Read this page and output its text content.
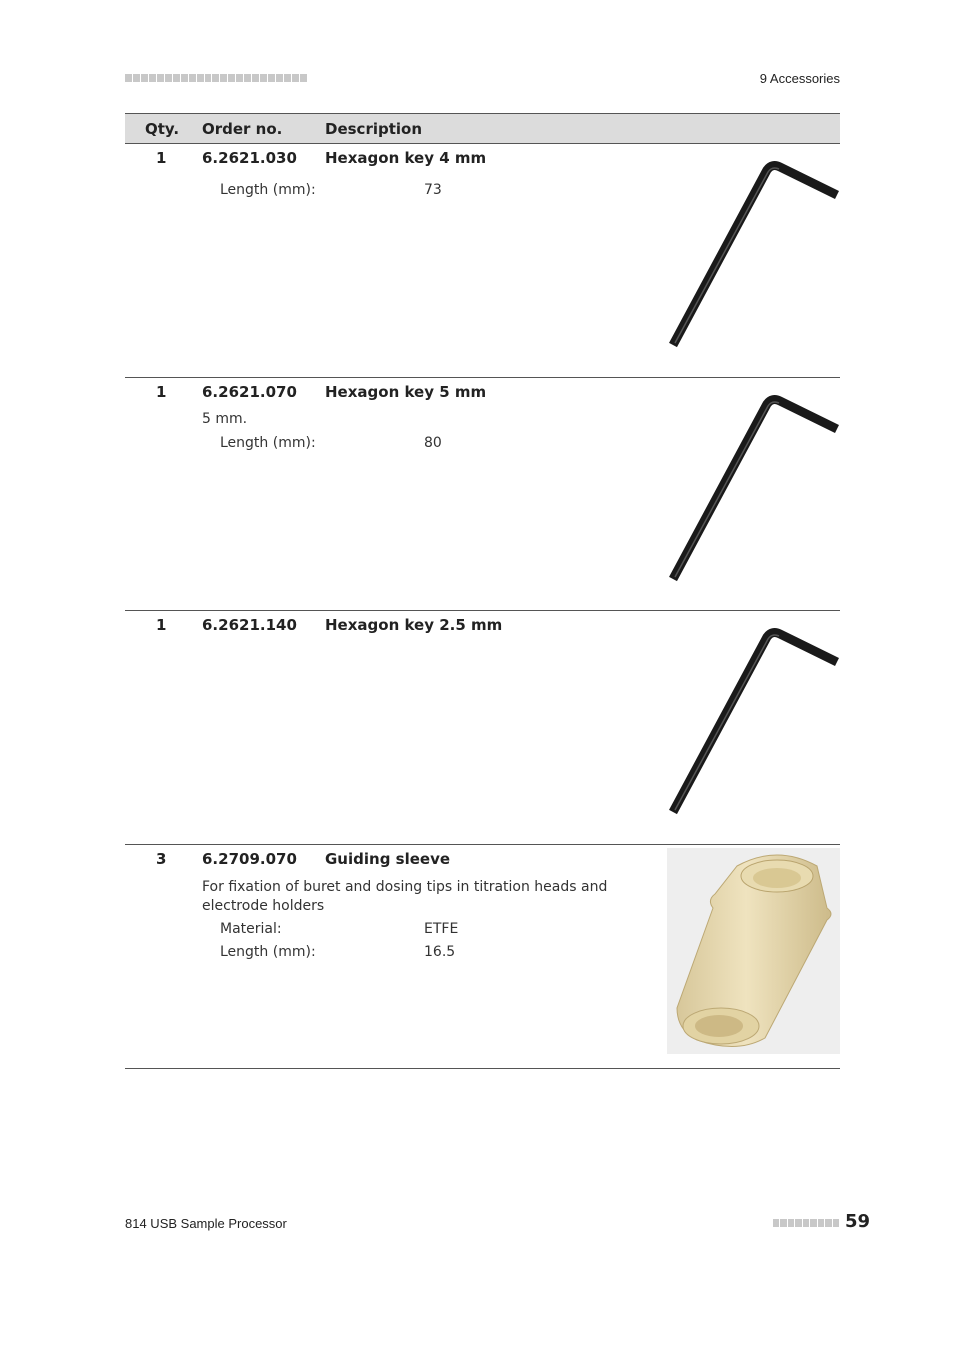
9 Accessories
Qty. Order no.	Description
1 6.2621.030 Hexagon key 4 mm
Length (mm):	73
1 6.2621.070 Hexagon key 5 mm
5 mm.
Length (mm):	80
1 6.2621.140 Hexagon key 2.5 mm
3 6.2709.070 Guiding sleeve
For fixation of buret and dosing tips in titration heads and electrode holders
Material:	ETFE
Length (mm):	16.5
814 USB Sample Processor	59
